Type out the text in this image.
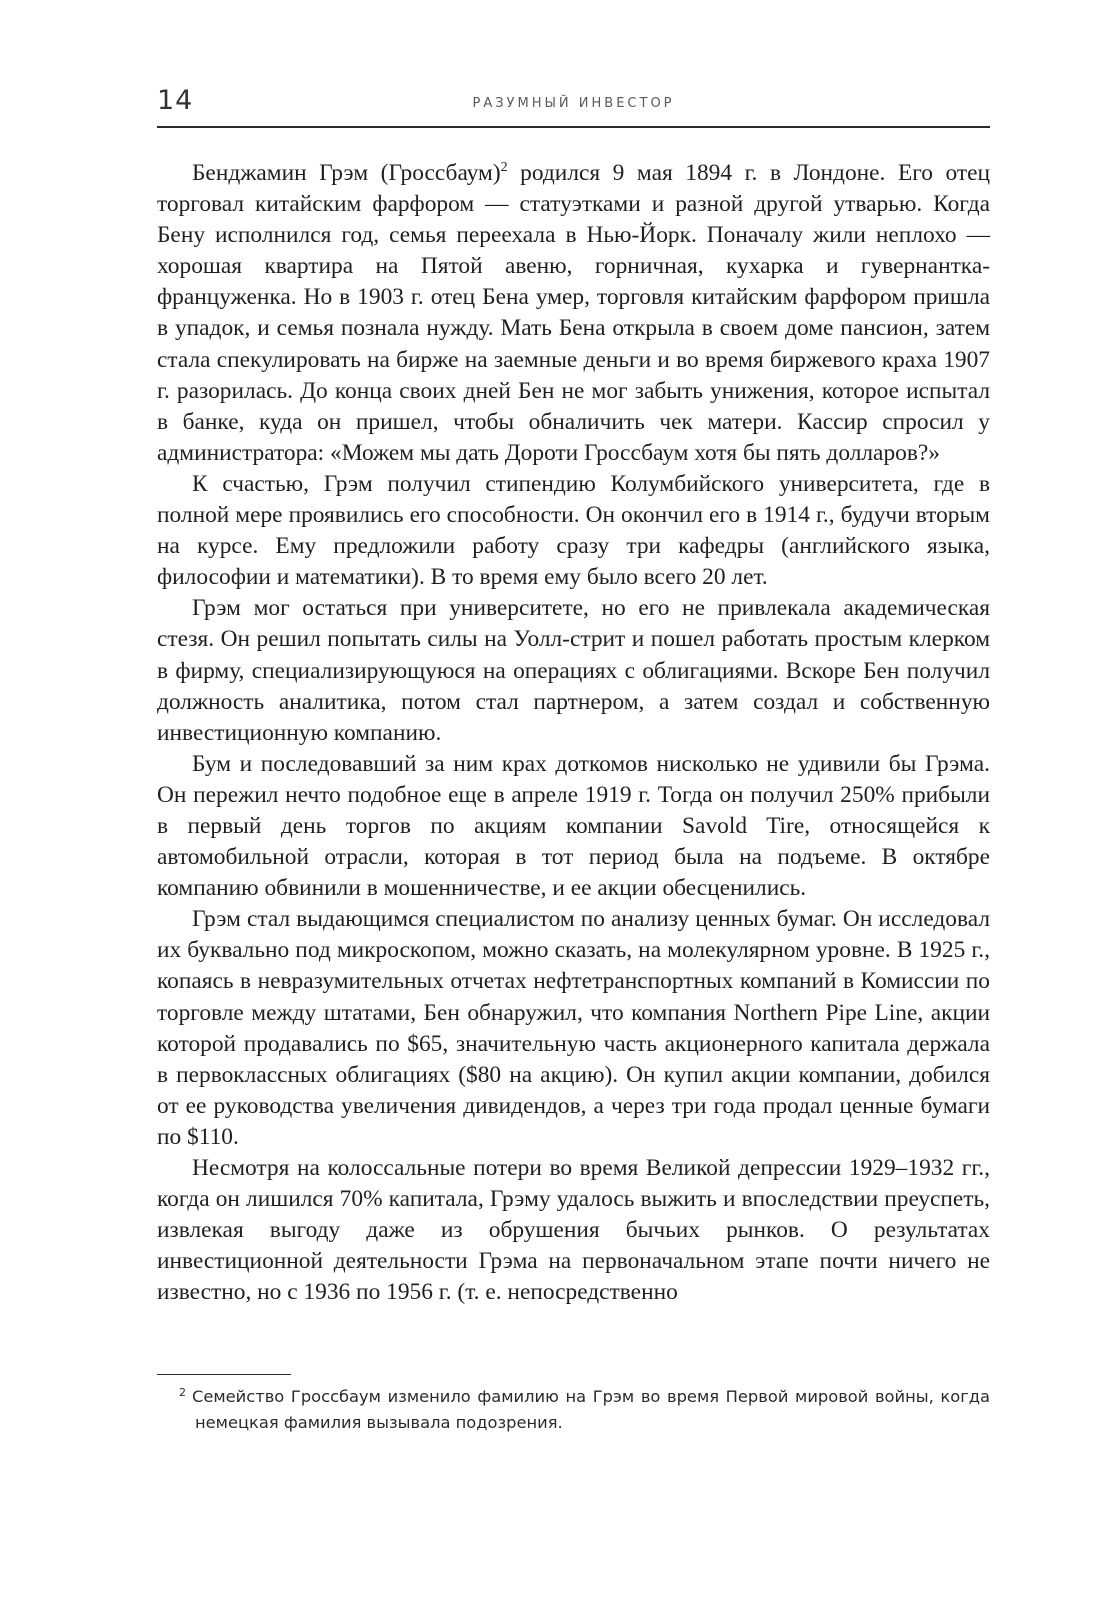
14	РАЗУМНЫЙ ИНВЕСТОР

Бенджамин Грэм (Гроссбаум)$^2$ родился 9 мая 1894 г. в Лондоне. Его отец торговал китайским фарфором — статуэтками и разной другой утварью. Когда Бену исполнился год, семья переехала в Нью-Йорк. Поначалу жили неплохо — хорошая квартира на Пятой авеню, горничная, кухарка и гувернантка-француженка. Но в 1903 г. отец Бена умер, торговля китайским фарфором пришла в упадок, и семья познала нужду. Мать Бена открыла в своем доме пансион, затем стала спекулировать на бирже на заемные деньги и во время биржевого краха 1907 г. разорилась. До конца своих дней Бен не мог забыть унижения, которое испытал в банке, куда он пришел, чтобы обналичить чек матери. Кассир спросил у администратора: «Можем мы дать Дороти Гроссбаум хотя бы пять долларов?»

К счастью, Грэм получил стипендию Колумбийского университета, где в полной мере проявились его способности. Он окончил его в 1914 г., будучи вторым на курсе. Ему предложили работу сразу три кафедры (английского языка, философии и математики). В то время ему было всего 20 лет.

Грэм мог остаться при университете, но его не привлекала академическая стезя. Он решил попытать силы на Уолл-стрит и пошел работать простым клерком в фирму, специализирующуюся на операциях с облигациями. Вскоре Бен получил должность аналитика, потом стал партнером, а затем создал и собственную инвестиционную компанию.

Бум и последовавший за ним крах доткомов нисколько не удивили бы Грэма. Он пережил нечто подобное еще в апреле 1919 г. Тогда он получил 250% прибыли в первый день торгов по акциям компании Savold Tire, относящейся к автомобильной отрасли, которая в тот период была на подъеме. В октябре компанию обвинили в мошенничестве, и ее акции обесценились.

Грэм стал выдающимся специалистом по анализу ценных бумаг. Он исследовал их буквально под микроскопом, можно сказать, на молекулярном уровне. В 1925 г., копаясь в невразумительных отчетах нефтетранспортных компаний в Комиссии по торговле между штатами, Бен обнаружил, что компания Northern Pipe Line, акции которой продавались по $65, значительную часть акционерного капитала держала в первоклассных облигациях ($80 на акцию). Он купил акции компании, добился от ее руководства увеличения дивидендов, а через три года продал ценные бумаги по $110.

Несмотря на колоссальные потери во время Великой депрессии 1929–1932 гг., когда он лишился 70% капитала, Грэму удалось выжить и впоследствии преуспеть, извлекая выгоду даже из обрушения бычьих рынков. О результатах инвестиционной деятельности Грэма на первоначальном этапе почти ничего не известно, но с 1936 по 1956 г. (т. е. непосредственно

$^2$ Семейство Гроссбаум изменило фамилию на Грэм во время Первой мировой войны, когда немецкая фамилия вызывала подозрения.
